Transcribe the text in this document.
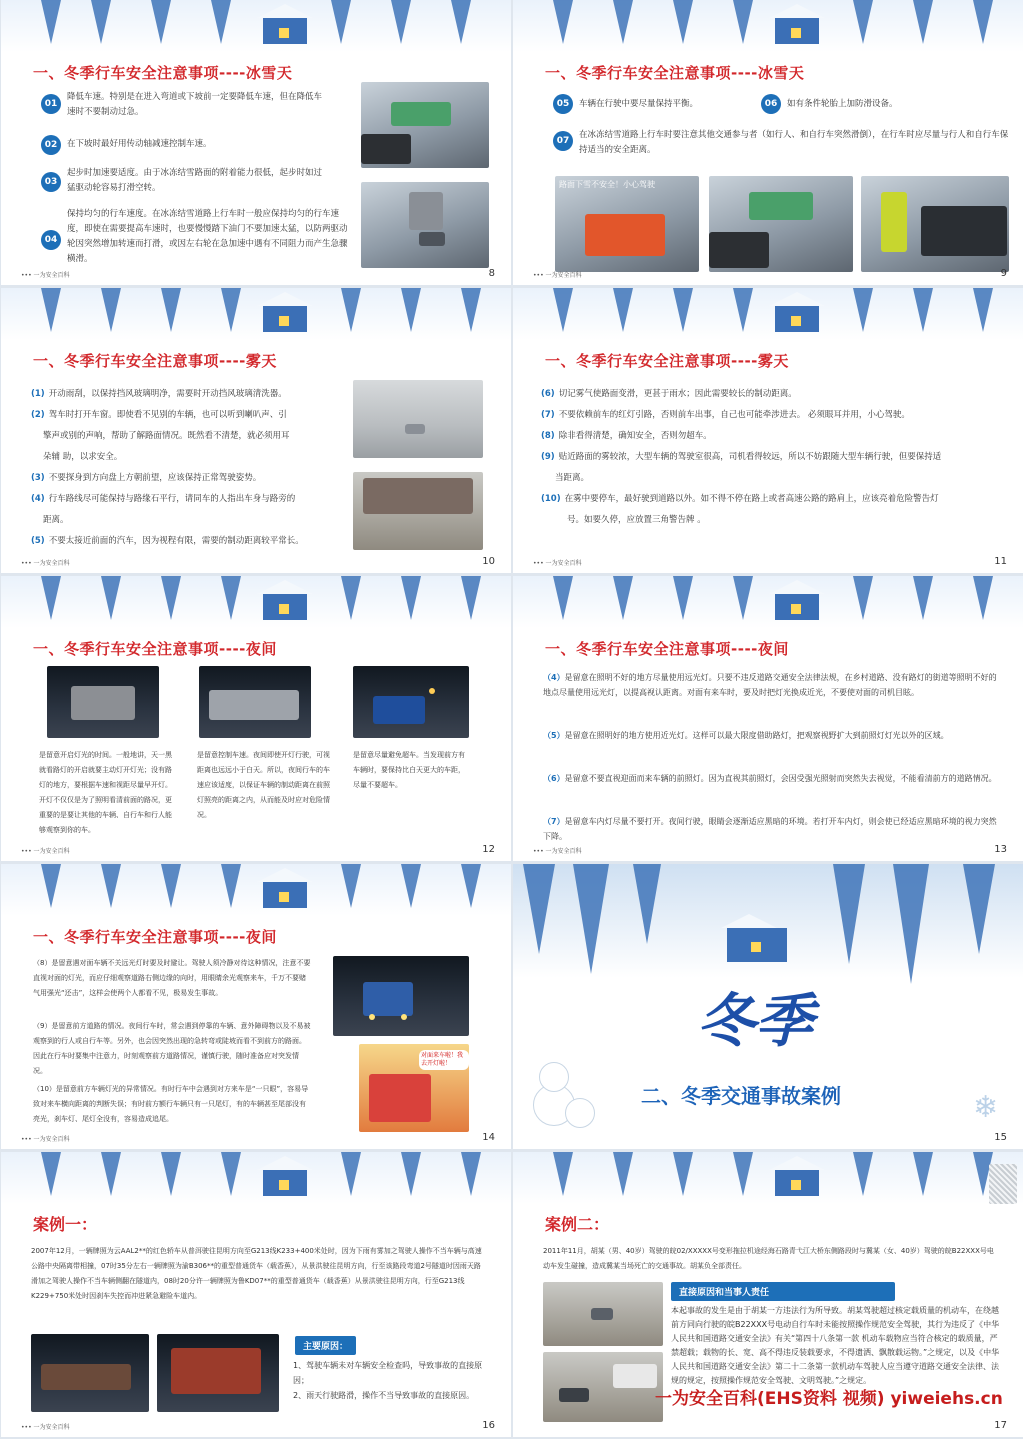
一、冬季行车安全注意事项----冰雪天
01
降低车速。特别是在进入弯道或下坡前一定要降低车速，但在降低车速时不要制动过急。
02	在下坡时最好用传动轴减速控制车速。
03
起步时加速要适度。由于冰冻结雪路面的附着能力很低，起步时如过猛驱动轮容易打滑空转。
04
保持均匀的行车速度。在冰冻结雪道路上行车时一般应保持均匀的行车速度，即使在需要提高车速时，也要慢慢踏下油门不要加速太猛，以防两驱动轮因突然增加转速而打滑，或因左右轮在急加速中遇有不同阻力而产生急骤横滑。
••• 一为安全百科	8
一、冬季行车安全注意事项----冰雪天
05	车辆在行驶中要尽量保持平衡。	06	如有条件轮胎上加防滑设备。
07
在冰冻结雪道路上行车时要注意其他交通参与者（如行人、和自行车突然滑倒），在行车时应尽量与行人和自行车保持适当的安全距离。
路面下雪不安全！小心驾驶
••• 一为安全百科	9
一、冬季行车安全注意事项----雾天
(1) 开动雨刮，以保持挡风玻璃明净，需要时开动挡风玻璃清洗器。
(2) 驾车时打开车窗。即使看不见别的车辆，也可以听到喇叭声、引
擎声或别的声响，帮助了解路面情况。既然看不清楚，就必须用耳
朵辅 助，以求安全。
(3) 不要探身到方向盘上方朝前望，应该保持正常驾驶姿势。
(4) 行车路线尽可能保持与路缘石平行，请同车的人指出车身与路旁的
距离。
(5) 不要太接近前面的汽车，因为视程有限，需要的制动距离较平常长。
10
••• 一为安全百科
一、冬季行车安全注意事项----雾天
(6) 切记雾气使路面变滑，更甚于雨水；因此需要较长的制动距离。
(7) 不要依赖前车的红灯引路，否则前车出事，自己也可能牵涉进去。 必须眼耳并用，小心驾驶。
(8) 除非看得清楚，确知安全，否则勿超车。
(9) 贴近路面的雾较浓，大型车辆的驾驶室很高，司机看得较远，所以不妨跟随大型车辆行驶，但要保持适
当距离。
(10) 在雾中要停车，最好驶到道路以外。如不得不停在路上或者高速公路的路肩上，应该亮着危险警告灯
号。如要久停，应放置三角警告牌 。
11
••• 一为安全百科
一、冬季行车安全注意事项----夜间
是留意开启灯光的时间。一般地讲，天一黑就看路灯的开启就要主动灯开灯光；没有路灯的地方，要根据车速和视距尽量早开灯。开灯不仅仅是为了照明看清前面的路况，更重要的是要让其他的车辆、自行车和行人能够观察到你的车。
是留意控制车速。夜间即使开灯行驶，可视距离也远远小于白天。所以，夜间行车的车速应该适度，以保证车辆的制动距离在前照灯照亮的距离之内，从而能及时应对危险情况。
是留意尽量避免超车。当发现前方有车辆时，要保持比白天更大的车距，尽量不要超车。
12
••• 一为安全百科
一、冬季行车安全注意事项----夜间
（4）是留意在照明不好的地方尽量使用远光灯。只要不违反道路交通安全法律法规，在乡村道路、没有路灯的街道等照明不好的地点尽量使用远光灯，以提高视认距离。对面有来车时，要及时把灯光换成近光，不要使对面的司机目眩。
（5）是留意在照明好的地方使用近光灯。这样可以最大限度借助路灯，把观察视野扩大到前照灯灯光以外的区域。
（6）是留意不要直视迎面而来车辆的前照灯。因为直视其前照灯，会因受强光照射而突然失去视觉，不能看清前方的道路情况。
（7）是留意车内灯尽量不要打开。夜间行驶，眼睛会逐渐适应黑暗的环境。若打开车内灯，则会使已经适应黑暗环境的视力突然下降。
13
••• 一为安全百科
一、冬季行车安全注意事项----夜间
（8）是留意遇对面车辆不关远光灯时要及时避让。驾驶人须冷静对待这种情况，注意不要直视对面的灯光，而应仔细观察道路右侧边缘的向时，用眼睛余光观察来车，千万不要赌气用强光“还击”，这样会使两个人都看不见，极易发生事故。
（9）是留意前方道路的情况。夜间行车时，常会遇到停靠的车辆、意外障碍物以及不易被观察到的行人或自行车等。另外，也会因突然出现的急转弯或陡坡而看不到前方的路面。因此在行车时要集中注意力，时刻观察前方道路情况，谨慎行驶，随时准备应对突发情况。
（10）是留意前方车辆灯光的异常情况。有时行车中会遇到对方来车是“一只眼”，容易导致对来车横向距离的判断失误；有时前方额行车辆只有一只尾灯，有的车辆甚至尾部没有亮光，刹车灯、尾灯全没有，容易造成追尾。
对面来车啦！我去开灯啦！
14
••• 一为安全百科
冬季
二、冬季交通事故案例	❄
15
案例一：
2007年12月，一辆牌照为云AAL2**的红色轿车从普洱驶往昆明方向至G213线K233+400米处时，因为下雨有雾加之驾驶人操作不当车辆与高速公路中央隔离带相撞，07时35分左右一辆牌照为渝B306**的重型普通货车（载香蕉），从景洪驶往昆明方向，行至该路段弯道2号隧道时因雨天路滑加之驾驶人操作不当车辆侧翻在隧道内，08时20分许一辆牌照为鲁KD07**的重型普通货车（载香蕉）从景洪驶往昆明方向，行至G213线K229+750米处时因刹车失控而冲进紧急避险车道内。
主要原因：
1、驾驶车辆未对车辆安全检查吗，导致事故的直接原因；
2、雨天行驶路滑，操作不当导致事故的直接原因。
16
••• 一为安全百科
案例二：
2011年11月，胡某（男、40岁）驾驶的皖02/XXXXX号变形拖拉机途经海石路青弋江大桥东侧路段时与冀某（女、40岁）驾驶的皖B22XXX号电动车发生碰撞，造成冀某当场死亡的交通事故。胡某负全部责任。
直接原因和当事人责任
本起事故的发生是由于胡某一方违法行为所导致。胡某驾驶超过核定载质量的机动车，在绕越前方同向行驶的皖B22XXX号电动自行车时未能按照操作规范安全驾驶，其行为违反了《中华人民共和国道路交通安全法》有关“第四十八条第一款 机动车载物应当符合核定的载质量，严禁超载；载物的长、宽、高不得违反装载要求，不得遗洒、飘散载运物。”之规定，以及《中华人民共和国道路交通安全法》第二十二条第一款机动车驾驶人应当遵守道路交通安全法律、法规的规定，按照操作规范安全驾驶、文明驾驶。”之规定。
一为安全百科(EHS资料 视频) yiweiehs.cn
17
